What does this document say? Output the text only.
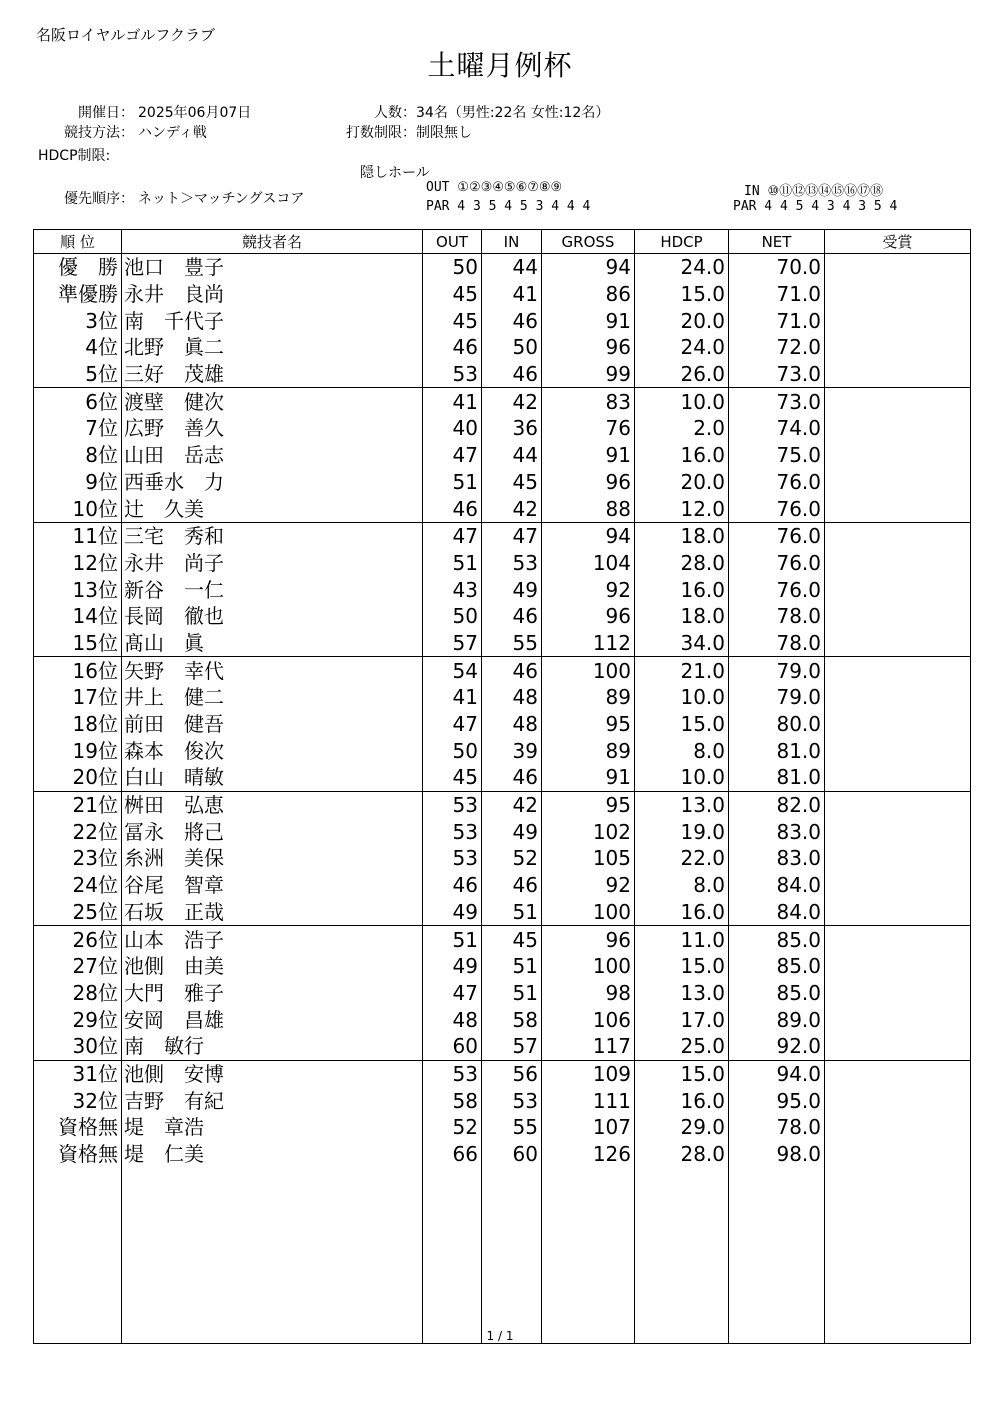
名阪ロイヤルゴルフクラブ
土曜月例杯
開催日： 2025年06月07日	人数： 34名（男性:22名 女性:12名）
競技方法： ハンディ戦	打数制限： 制限無し
HDCP制限:
隠しホール
優先順序： ネット＞マッチングスコア
OUT ①②③④⑤⑥⑦⑧⑨
PAR 4 3 5 4 5 3 4 4 4
IN ⑩⑪⑫⑬⑭⑮⑯⑰⑱
PAR 4 4 5 4 3 4 3 5 4
順 位	競技者名	OUT	IN	GROSS	HDCP	NET	受賞
優　勝	池口　豊子	50	44	94	24.0	70.0	
準優勝	永井　良尚	45	41	86	15.0	71.0	
3位	南　千代子	45	46	91	20.0	71.0	
4位	北野　眞二	46	50	96	24.0	72.0	
5位	三好　茂雄	53	46	99	26.0	73.0	
6位	渡壁　健次	41	42	83	10.0	73.0	
7位	広野　善久	40	36	76	2.0	74.0	
8位	山田　岳志	47	44	91	16.0	75.0	
9位	西垂水　力	51	45	96	20.0	76.0	
10位	辻　久美	46	42	88	12.0	76.0	
11位	三宅　秀和	47	47	94	18.0	76.0	
12位	永井　尚子	51	53	104	28.0	76.0	
13位	新谷　一仁	43	49	92	16.0	76.0	
14位	長岡　徹也	50	46	96	18.0	78.0	
15位	髙山　眞	57	55	112	34.0	78.0	
16位	矢野　幸代	54	46	100	21.0	79.0	
17位	井上　健二	41	48	89	10.0	79.0	
18位	前田　健吾	47	48	95	15.0	80.0	
19位	森本　俊次	50	39	89	8.0	81.0	
20位	白山　晴敏	45	46	91	10.0	81.0	
21位	桝田　弘恵	53	42	95	13.0	82.0	
22位	冨永　將己	53	49	102	19.0	83.0	
23位	糸洲　美保	53	52	105	22.0	83.0	
24位	谷尾　智章	46	46	92	8.0	84.0	
25位	石坂　正哉	49	51	100	16.0	84.0	
26位	山本　浩子	51	45	96	11.0	85.0	
27位	池側　由美	49	51	100	15.0	85.0	
28位	大門　雅子	47	51	98	13.0	85.0	
29位	安岡　昌雄	48	58	106	17.0	89.0	
30位	南　敏行	60	57	117	25.0	92.0	
31位	池側　安博	53	56	109	15.0	94.0	
32位	吉野　有紀	58	53	111	16.0	95.0	
資格無	堤　章浩	52	55	107	29.0	78.0	
資格無	堤　仁美	66	60	126	28.0	98.0	

1 / 1
